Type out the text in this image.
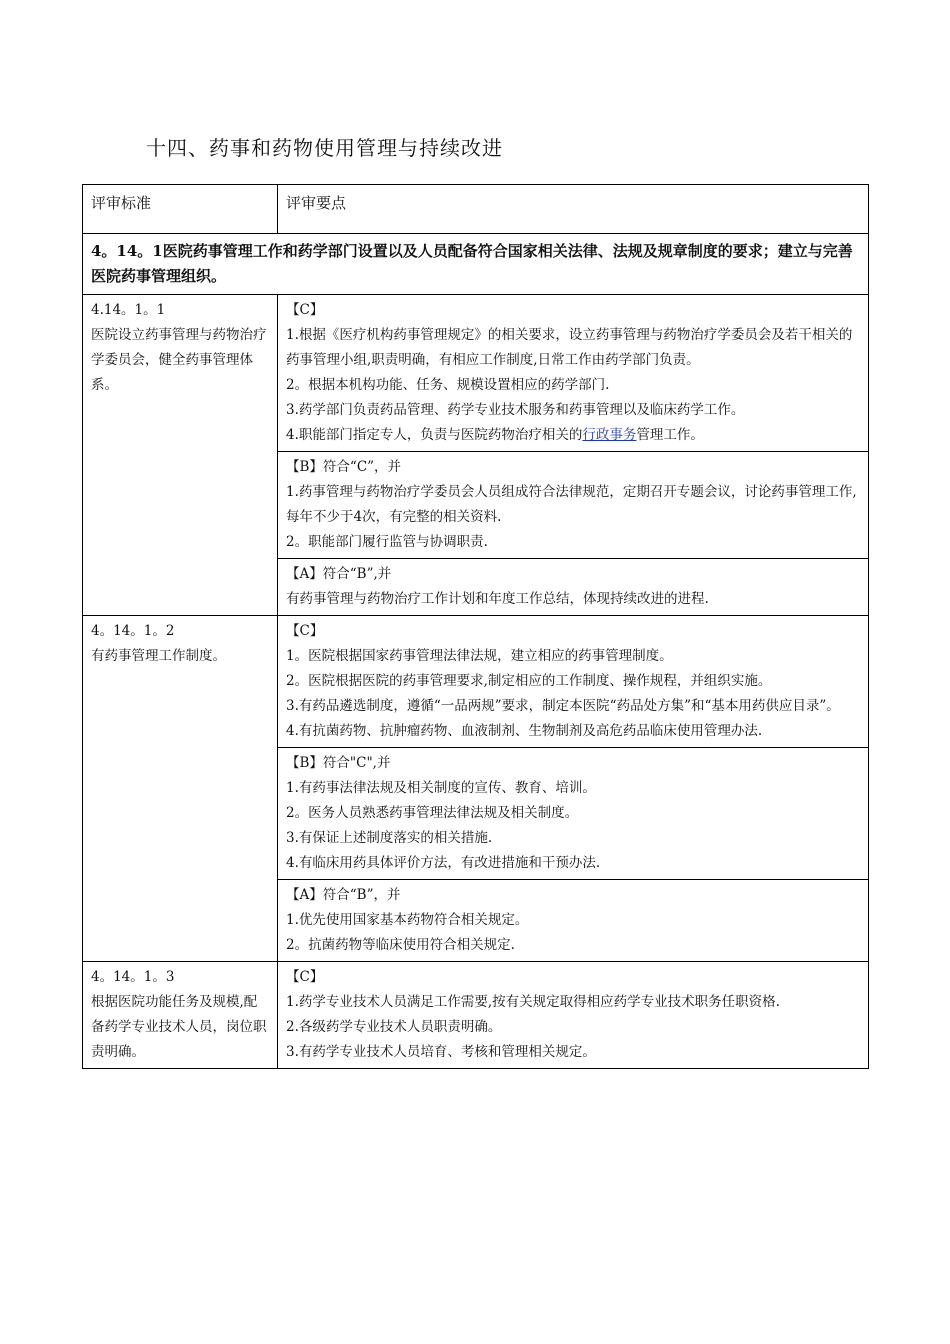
十四、药事和药物使用管理与持续改进
评审标准	评审要点
4。14。1医院药事管理工作和药学部门设置以及人员配备符合国家相关法律、法规及规章制度的要求；建立与完善医院药事管理组织。	

4.14。1。1
医院设立药事管理与药物治疗学委员会，健全药事管理体系。	【C】
1.根据《医疗机构药事管理规定》的相关要求，设立药事管理与药物治疗学委员会及若干相关的药事管理小组,职责明确，有相应工作制度,日常工作由药学部门负责。
2。根据本机构功能、任务、规模设置相应的药学部门.
3.药学部门负责药品管理、药学专业技术服务和药事管理以及临床药学工作。
4.职能部门指定专人，负责与医院药物治疗相关的行政事务管理工作。

	【B】符合“C”，并
1.药事管理与药物治疗学委员会人员组成符合法律规范，定期召开专题会议，讨论药事管理工作,每年不少于4次，有完整的相关资料.
2。职能部门履行监管与协调职责.

	【A】符合“B”,并
有药事管理与药物治疗工作计划和年度工作总结，体现持续改进的进程.

4。14。1。2
有药事管理工作制度。	【C】
1。医院根据国家药事管理法律法规，建立相应的药事管理制度。
2。医院根据医院的药事管理要求,制定相应的工作制度、操作规程，并组织实施。
3.有药品遴选制度，遵循“一品两规”要求，制定本医院“药品处方集”和“基本用药供应目录”。
4.有抗菌药物、抗肿瘤药物、血液制剂、生物制剂及高危药品临床使用管理办法.

	【B】符合"C",并
1.有药事法律法规及相关制度的宣传、教育、培训。
2。医务人员熟悉药事管理法律法规及相关制度。
3.有保证上述制度落实的相关措施.
4.有临床用药具体评价方法，有改进措施和干预办法.

	【A】符合“B”，并
1.优先使用国家基本药物符合相关规定。
2。抗菌药物等临床使用符合相关规定.

4。14。1。3
根据医院功能任务及规模,配备药学专业技术人员，岗位职责明确。	【C】
1.药学专业技术人员满足工作需要,按有关规定取得相应药学专业技术职务任职资格.
2.各级药学专业技术人员职责明确。
3.有药学专业技术人员培育、考核和管理相关规定。
